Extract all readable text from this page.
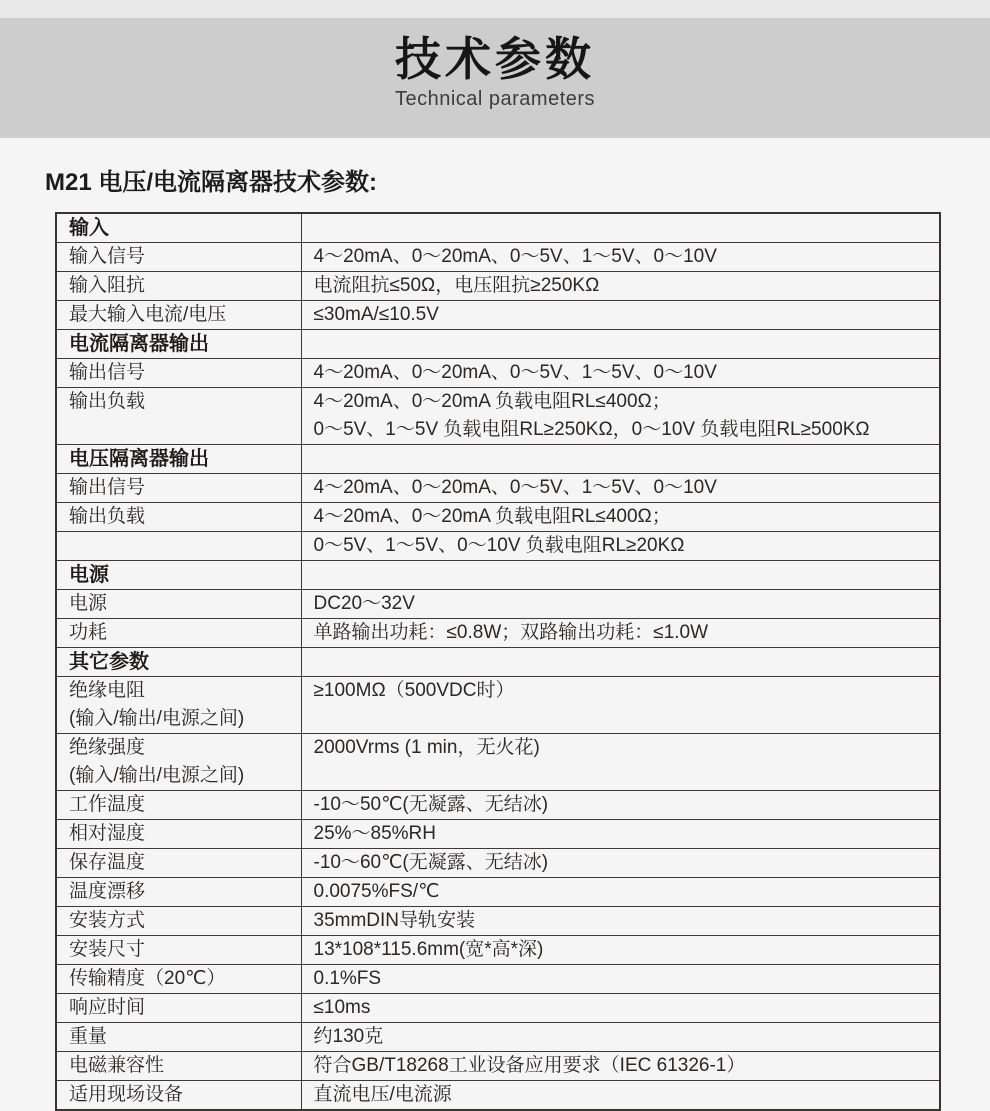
技术参数
Technical parameters
M21 电压/电流隔离器技术参数:
输入	
输入信号	4～20mA、0～20mA、0～5V、1～5V、0～10V
输入阻抗	电流阻抗≤50Ω，电压阻抗≥250KΩ
最大输入电流/电压	≤30mA/≤10.5V
电流隔离器输出	
输出信号	4～20mA、0～20mA、0～5V、1～5V、0～10V
输出负载	4～20mA、0～20mA 负载电阻RL≤400Ω；
0～5V、1～5V 负载电阻RL≥250KΩ，0～10V 负载电阻RL≥500KΩ

电压隔离器输出	
输出信号	4～20mA、0～20mA、0～5V、1～5V、0～10V
输出负载	4～20mA、0～20mA 负载电阻RL≤400Ω；
	0～5V、1～5V、0～10V 负载电阻RL≥20KΩ
电源	
电源	DC20～32V
功耗	单路输出功耗：≤0.8W；双路输出功耗：≤1.0W
其它参数	

绝缘电阻
(输入/输出/电源之间)	≥100MΩ（500VDC时）

绝缘强度
(输入/输出/电源之间)	2000Vrms (1 min，无火花)
工作温度	-10～50℃(无凝露、无结冰)
相对湿度	25%～85%RH
保存温度	-10～60℃(无凝露、无结冰)
温度漂移	0.0075%FS/℃
安装方式	35mmDIN导轨安装
安装尺寸	13*108*115.6mm(宽*高*深)
传输精度（20℃）	0.1%FS
响应时间	≤10ms
重量	约130克
电磁兼容性	符合GB/T18268工业设备应用要求（IEC 61326-1）
适用现场设备	直流电压/电流源
